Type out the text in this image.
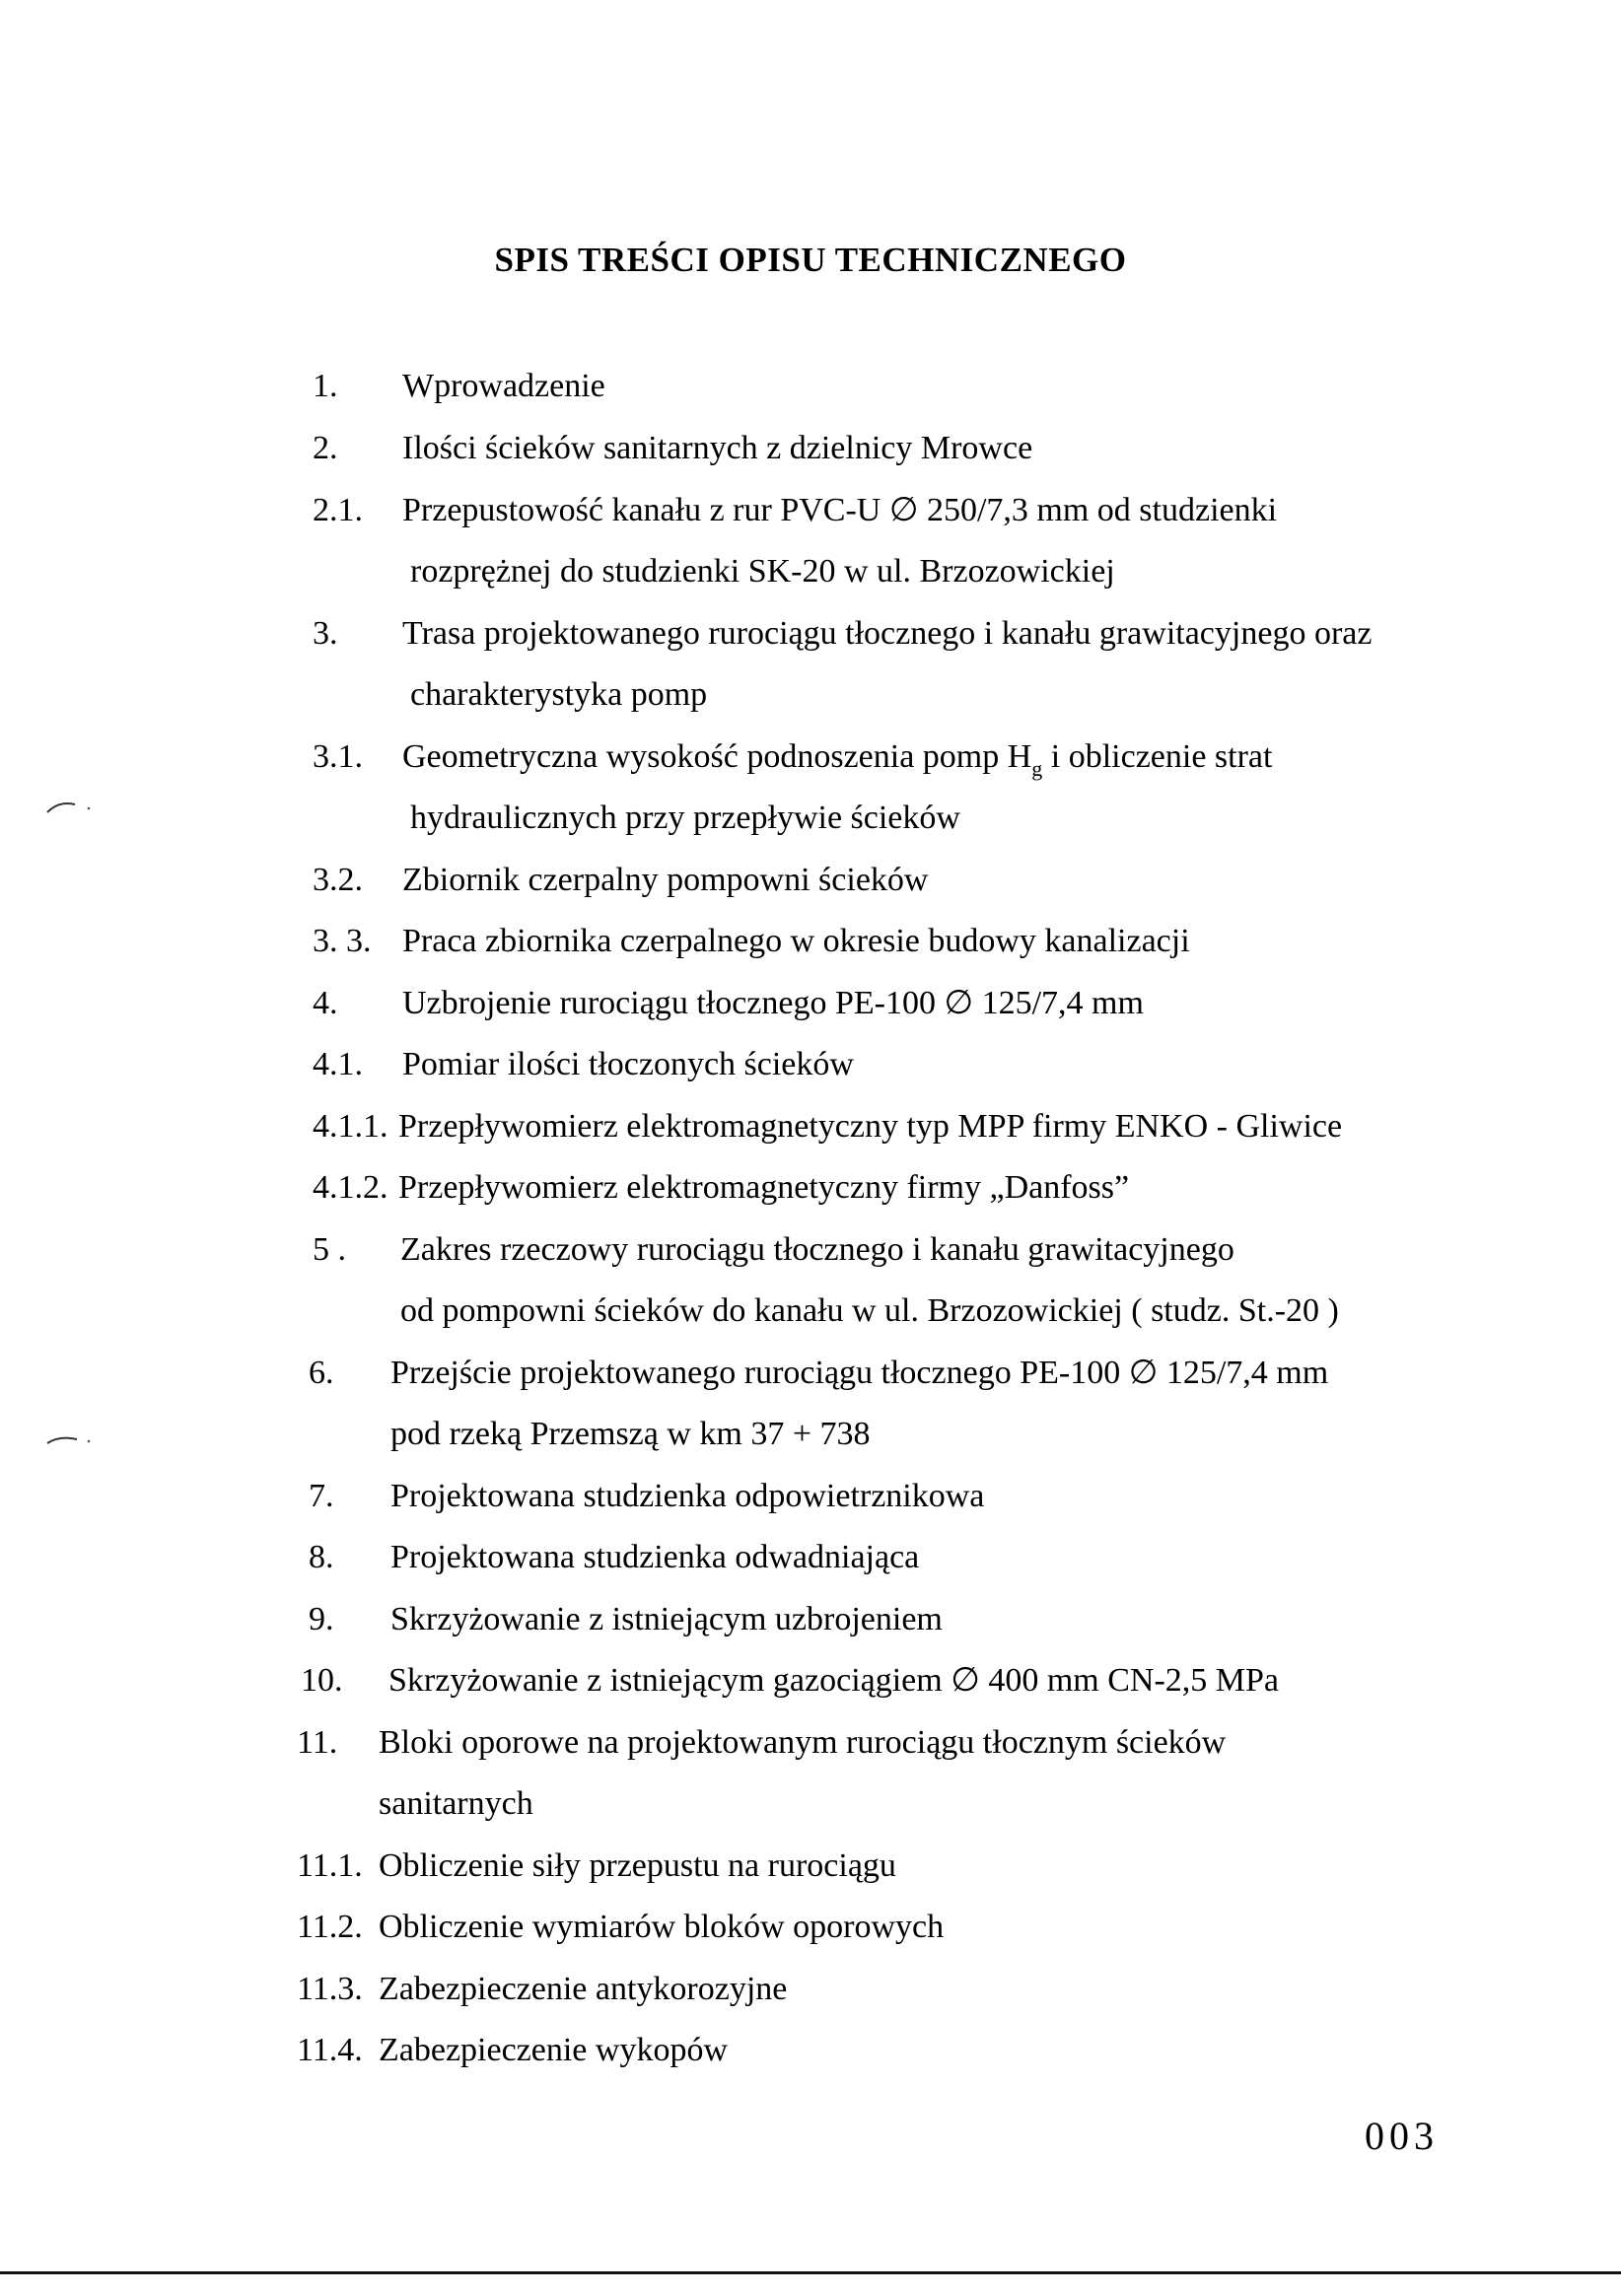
SPIS TREŚCI OPISU TECHNICZNEGO
1. Wprowadzenie
2. Ilości ścieków sanitarnych z dzielnicy Mrowce
2.1. Przepustowość kanału z rur PVC-U ∅ 250/7,3 mm od studzienki
rozprężnej do studzienki SK-20 w ul. Brzozowickiej
3. Trasa projektowanego rurociągu tłocznego i kanału grawitacyjnego oraz
charakterystyka pomp
3.1. Geometryczna wysokość podnoszenia pomp $H_g$ i obliczenie strat
hydraulicznych przy przepływie ścieków
3.2. Zbiornik czerpalny pompowni ścieków
3. 3. Praca zbiornika czerpalnego w okresie budowy kanalizacji
4. Uzbrojenie rurociągu tłocznego PE-100 ∅ 125/7,4 mm
4.1. Pomiar ilości tłoczonych ścieków
4.1.1. Przepływomierz elektromagnetyczny typ MPP firmy ENKO - Gliwice
4.1.2. Przepływomierz elektromagnetyczny firmy „Danfoss”
5 . Zakres rzeczowy rurociągu tłocznego i kanału grawitacyjnego
od pompowni ścieków do kanału w ul. Brzozowickiej ( studz. St.-20 )
6. Przejście projektowanego rurociągu tłocznego PE-100 ∅ 125/7,4 mm
pod rzeką Przemszą w km 37 + 738
7. Projektowana studzienka odpowietrznikowa
8. Projektowana studzienka odwadniająca
9. Skrzyżowanie z istniejącym uzbrojeniem
10. Skrzyżowanie z istniejącym gazociągiem ∅ 400 mm CN-2,5 MPa
11. Bloki oporowe na projektowanym rurociągu tłocznym ścieków
sanitarnych
11.1. Obliczenie siły przepustu na rurociągu
11.2. Obliczenie wymiarów bloków oporowych
11.3. Zabezpieczenie antykorozyjne
11.4. Zabezpieczenie wykopów
003
